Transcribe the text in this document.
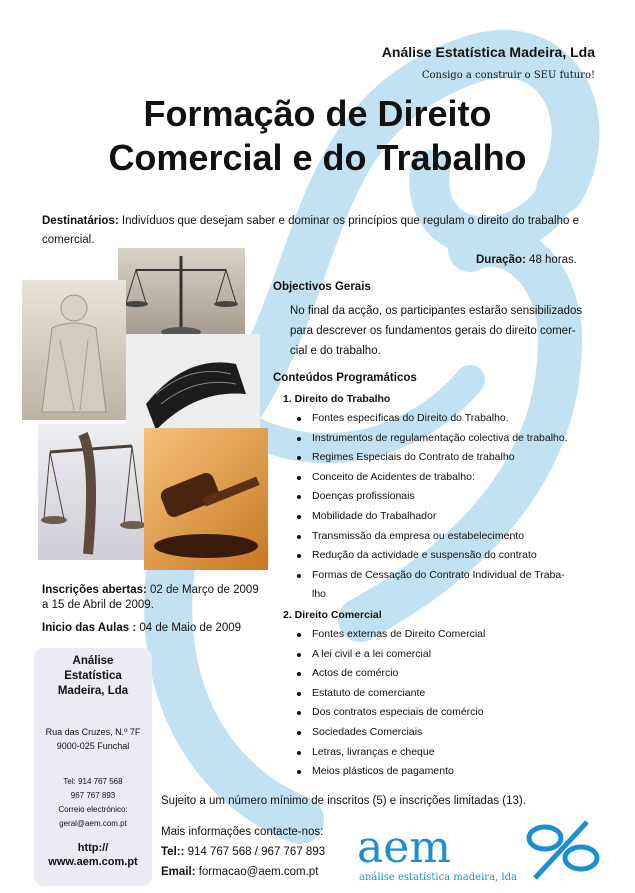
Análise Estatística Madeira, Lda
Consigo a construir o SEU futuro!
Formação de Direito
Comercial e do Trabalho
Destinatários: Indivíduos que desejam saber e dominar os princípios que regulam o direito do trabalho e comercial.
Duração: 48 horas.
Objectivos Gerais
No final da acção, os participantes estarão sensibilizados
para descrever os fundamentos gerais do direito comer-
cial e do trabalho.
Conteúdos Programáticos
1. Direito do Trabalho
Fontes específicas do Direito do Trabalho.
Instrumentos de regulamentação colectiva de trabalho.
Regimes Especiais do Contrato de trabalho
Conceito de Acidentes de trabalho:
Doenças profissionais
Mobilidade do Trabalhador
Transmissão da empresa ou estabelecimento
Redução da actividade e suspensão do contrato
Formas de Cessação do Contrato Individual de Traba-
lho
2. Direito Comercial
Fontes externas de Direito Comercial
A lei civil e a lei comercial
Actos de comércio
Estatuto de comerciante
Dos contratos especiais de comércio
Sociedades Comerciais
Letras, livranças e cheque
Meios plásticos de pagamento
Inscrições abertas: 02 de Março de 2009
a 15 de Abril de 2009.
Inicio das Aulas : 04 de Maio de 2009
Análise
Estatística
Madeira, Lda
Rua das Cruzes, N.º 7F
9000-025 Funchal
Tel: 914 767 568
967 767 893
Correio electrónico:
geral@aem.com.pt
http://
www.aem.com.pt
Sujeito a um número mínimo de inscritos (5) e inscrições limitadas (13).
Mais informações contacte-nos:
Tel:: 914 767 568 / 967 767 893
Email: formacao@aem.com.pt aem
análise estatística madeira, lda
